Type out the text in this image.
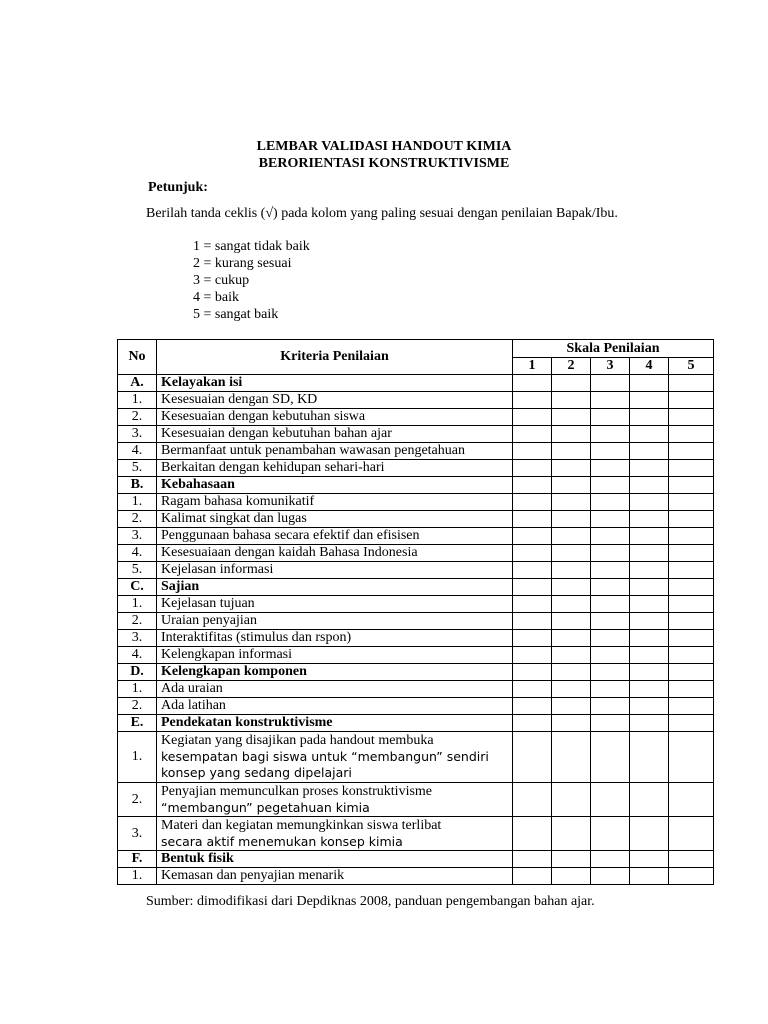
LEMBAR VALIDASI HANDOUT KIMIA
BERORIENTASI KONSTRUKTIVISME
Petunjuk:
Berilah tanda ceklis (√) pada kolom yang paling sesuai dengan penilaian Bapak/Ibu.
1 = sangat tidak baik
2 = kurang sesuai
3 = cukup
4 = baik
5 = sangat baik
No	Kriteria Penilaian	Skala Penilaian				
		1	2	3	4	5
A.	Kelayakan isi					
1.	Kesesuaian dengan SD, KD					
2.	Kesesuaian dengan kebutuhan siswa					
3.	Kesesuaian dengan kebutuhan bahan ajar					
4.	Bermanfaat untuk penambahan wawasan pengetahuan					
5.	Berkaitan dengan kehidupan sehari-hari					
B.	Kebahasaan					
1.	Ragam bahasa komunikatif					
2.	Kalimat singkat dan lugas					
3.	Penggunaan bahasa secara efektif dan efisisen					
4.	Kesesuaiaan dengan kaidah Bahasa Indonesia					
5.	Kejelasan informasi					
C.	Sajian					
1.	Kejelasan tujuan					
2.	Uraian penyajian					
3.	Interaktifitas (stimulus dan rspon)					
4.	Kelengkapan informasi					
D.	Kelengkapan komponen					
1.	Ada uraian					
2.	Ada latihan					
E.	Pendekatan konstruktivisme					
1.	Kegiatan yang disajikan pada handout membuka
kesempatan bagi siswa untuk “membangun” sendiri
konsep yang sedang dipelajari					

2.	Penyajian memunculkan proses konstruktivisme
“membangun” pegetahuan kimia					

3.	Materi dan kegiatan memungkinkan siswa terlibat
secara aktif menemukan konsep kimia					

F.	Bentuk fisik					
1.	Kemasan dan penyajian menarik					
Sumber: dimodifikasi dari Depdiknas 2008, panduan pengembangan bahan ajar.
